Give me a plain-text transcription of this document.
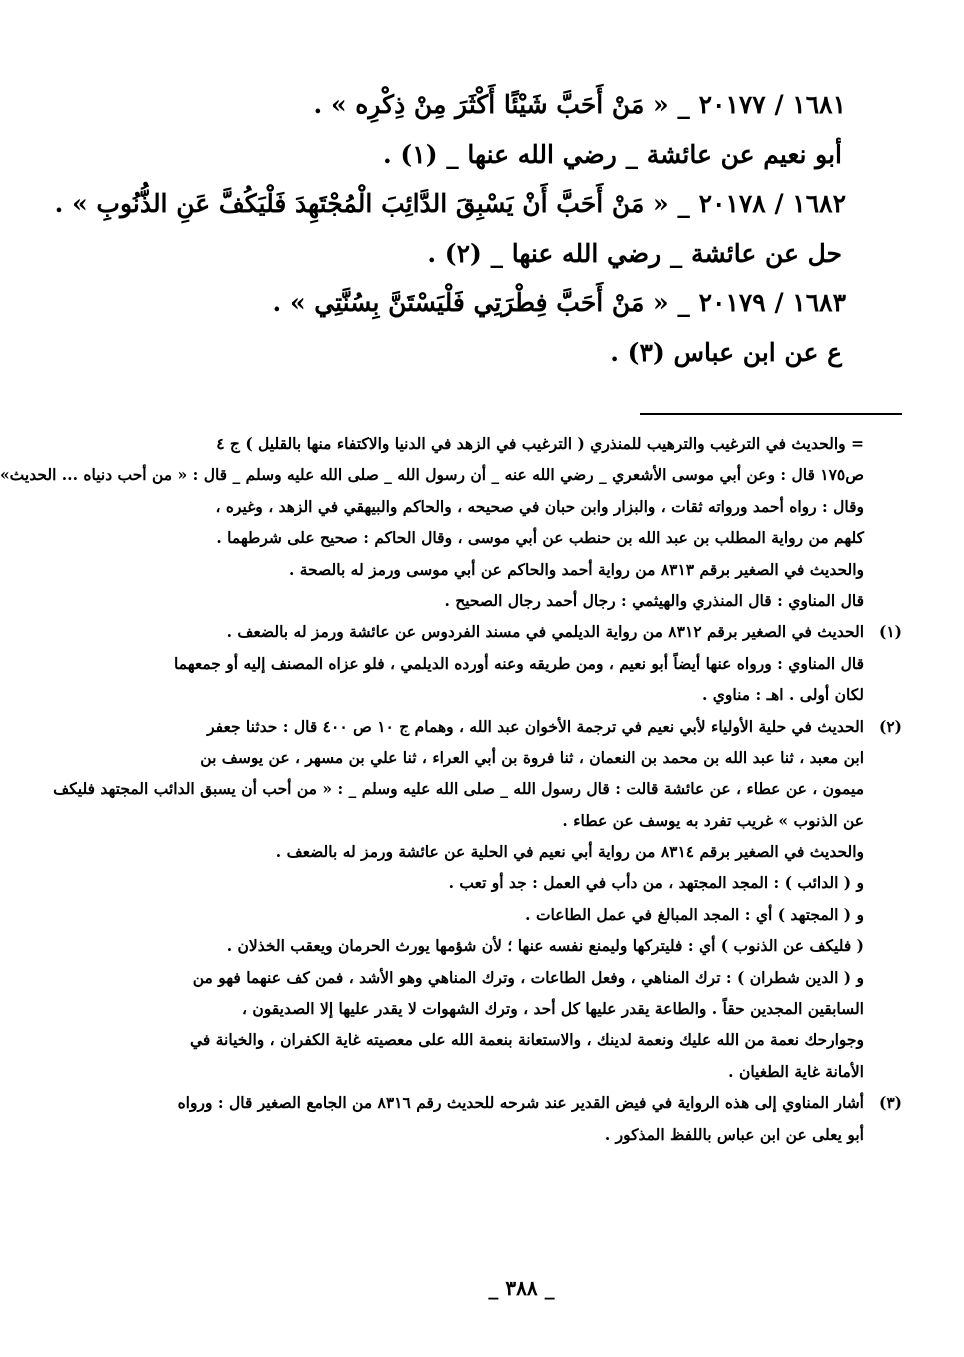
١٦٨١ / ٢٠١٧٧ _ « مَنْ أَحَبَّ شَيْئًا أَكْثَرَ مِنْ ذِكْرِه » .
أبو نعيم عن عائشة _ رضي الله عنها _ (١) .
١٦٨٢ / ٢٠١٧٨ _ « مَنْ أَحَبَّ أَنْ يَسْبِقَ الدَّائِبَ الْمُجْتَهِدَ فَلْيَكُفَّ عَنِ الذُّنُوبِ » .
حل عن عائشة _ رضي الله عنها _ (٢) .
١٦٨٣ / ٢٠١٧٩ _ « مَنْ أَحَبَّ فِطْرَتِي فَلْيَسْتَنَّ بِسُنَّتِي » .
ع عن ابن عباس (٣) .
= والحديث في الترغيب والترهيب للمنذري ( الترغيب في الزهد في الدنيا والاكتفاء منها بالقليل ) ج ٤
ص١٧٥ قال : وعن أبي موسى الأشعري _ رضي الله عنه _ أن رسول الله _ صلى الله عليه وسلم _ قال : « من أحب دنياه ... الحديث»
وقال : رواه أحمد ورواته ثقات ، والبزار وابن حبان في صحيحه ، والحاكم والبيهقي في الزهد ، وغيره ،
كلهم من رواية المطلب بن عبد الله بن حنطب عن أبي موسى ، وقال الحاكم : صحيح على شرطهما .
والحديث في الصغير برقم ٨٣١٣ من رواية أحمد والحاكم عن أبي موسى ورمز له بالصحة .
قال المناوي : قال المنذري والهيثمي : رجال أحمد رجال الصحيح .
(١)
الحديث في الصغير برقم ٨٣١٢ من رواية الديلمي في مسند الفردوس عن عائشة ورمز له بالضعف .
قال المناوي : ورواه عنها أيضاً أبو نعيم ، ومن طريقه وعنه أورده الديلمي ، فلو عزاه المصنف إليه أو جمعهما
لكان أولى . اهـ : مناوي .
(٢)
الحديث في حلية الأولياء لأبي نعيم في ترجمة الأخوان عبد الله ، وهمام ج ١٠ ص ٤٠٠ قال : حدثنا جعفر
ابن معبد ، ثنا عبد الله بن محمد بن النعمان ، ثنا فروة بن أبي العراء ، ثنا علي بن مسهر ، عن يوسف بن
ميمون ، عن عطاء ، عن عائشة قالت : قال رسول الله _ صلى الله عليه وسلم _ : « من أحب أن يسبق الدائب المجتهد فليكف
عن الذنوب » غريب تفرد به يوسف عن عطاء .
والحديث في الصغير برقم ٨٣١٤ من رواية أبي نعيم في الحلية عن عائشة ورمز له بالضعف .
و ( الدائب ) : المجد المجتهد ، من دأب في العمل : جد أو تعب .
و ( المجتهد ) أي : المجد المبالغ في عمل الطاعات .
( فليكف عن الذنوب ) أي : فليتركها وليمنع نفسه عنها ؛ لأن شؤمها يورث الحرمان ويعقب الخذلان .
و ( الدين شطران ) : ترك المناهي ، وفعل الطاعات ، وترك المناهي وهو الأشد ، فمن كف عنهما فهو من
السابقين المجدين حقاً . والطاعة يقدر عليها كل أحد ، وترك الشهوات لا يقدر عليها إلا الصديقون ،
وجوارحك نعمة من الله عليك ونعمة لدينك ، والاستعانة بنعمة الله على معصيته غاية الكفران ، والخيانة في
الأمانة غاية الطغيان .
(٣)
أشار المناوي إلى هذه الرواية في فيض القدير عند شرحه للحديث رقم ٨٣١٦ من الجامع الصغير قال : ورواه
أبو يعلى عن ابن عباس باللفظ المذكور .
_ ٣٨٨ _
